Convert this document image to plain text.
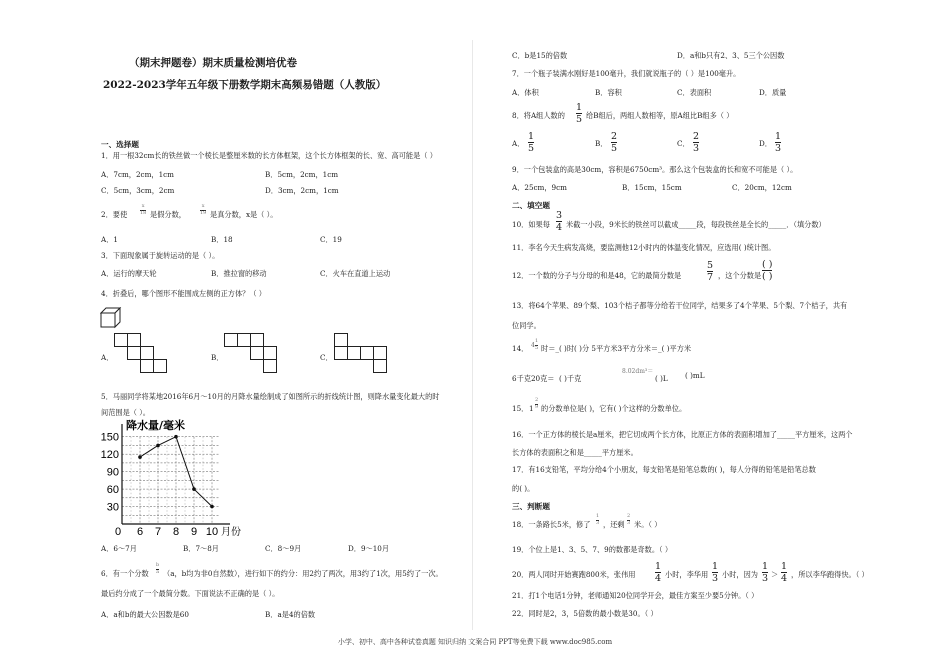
（期末押题卷）期末质量检测培优卷
2022-2023学年五年级下册数学期末高频易错题（人教版）
一、选择题
1．用一根32cm长的铁丝做一个棱长是整厘米数的长方体框架，这个长方体框架的长、宽、高可能是（ ）
A．7cm，2cm，1cm	B．5cm，2cm，1cm
C．5cm，3cm，2cm	D．3cm，2cm，1cm
2．要使
x
18 是假分数，
x
19 是真分数，x是（ ）。
A．1	B．18	C．19
3．下面现象属于旋转运动的是（ ）。
A．运行的摩天轮	B．推拉窗的移动	C．火车在直道上运动
4．折叠后，哪个图形不能围成左侧的正方体？（ ）
A．	B．	C．
5．马丽同学将某地2016年6月～10月的月降水量绘制成了如图所示的折线统计图，则降水量变化最大的时
间范围是（ ）。
30
60
90
120
150
0 6 7 8 9 10
降水量/毫米
月份
A．6～7月	B．7～8月	C．8～9月	D．9～10月
6．有一个分数
b
a （a，b均为非0自然数），进行如下的约分：用2约了两次，用3约了1次，用5约了一次。
最后约分成了一个最简分数。下面说法不正确的是（ ）。
A．a和b的最大公因数是60	B．a是4的倍数
C．b是15的倍数	D．a和b只有2、3、5三个公因数
7．一个瓶子装满水刚好是100毫升，我们就说瓶子的（ ）是100毫升。
A．体积	B．容积	C．表面积	D．质量
8．将A组人数的
1
5 给B组后，两组人数相等，原A组比B组多（ ）
A．
1
5	B．
2
5	C．
2
3	D．
1
3
9．一个包装盒的高是30cm，容积是6750cm³。那么这个包装盒的长和宽不可能是（ ）。
A．25cm，9cm	B．15cm，15cm	C．20cm，12cm
二、填空题
10．如果每
3
4 米截一小段，9米长的铁丝可以截成_____段，每段铁丝是全长的_____．（填分数）
11．李名今天生病发高烧，要监测他12小时内的体温变化情况，应选用( )统计图。
12．一个数的分子与分母的和是48，它的最简分数是
5
7 ，这个分数是
( )
( )
13．将64个苹果、89个梨、103个桔子都等分给若干位同学，结果多了4个苹果、5个梨、7个桔子，共有
位同学。
14． 4
1
5 时＝_( )时( )分 5平方米3平方分米＝_( )平方米
6千克20克＝ ( )千克
8.02dm³＝
( )L ( )mL
15． 1
2
9 的分数单位是( )，它有( )个这样的分数单位。
16．一个正方体的棱长是a厘米，把它切成两个长方体，比原正方体的表面积增加了_____平方厘米，这两个
长方体的表面积之和是_____平方厘米。
17．有16支铅笔，平均分给4个小朋友，每支铅笔是铅笔总数的( )，每人分得的铅笔是铅笔总数
的( )。
三、判断题
18．一条路长5米，修了
1
3 ，还剩
2
3 米。（ ）
19．个位上是1、3、5、7、9的数都是奇数。（ ）
20．两人同时开始赛跑800米，张伟用
1
4 小时，李华用
1
3 小时，因为
1
3 ＞
1
4 ，所以李华跑得快。（ ）
21．打1个电话1分钟，老师通知20位同学开会，最佳方案至少要5分钟。（ ）
22．同时是2，3，5倍数的最小数是30。（ ）
小学、初中、高中各种试卷真题 知识归纳 文案合同 PPT等免费下载 www.doc985.com
